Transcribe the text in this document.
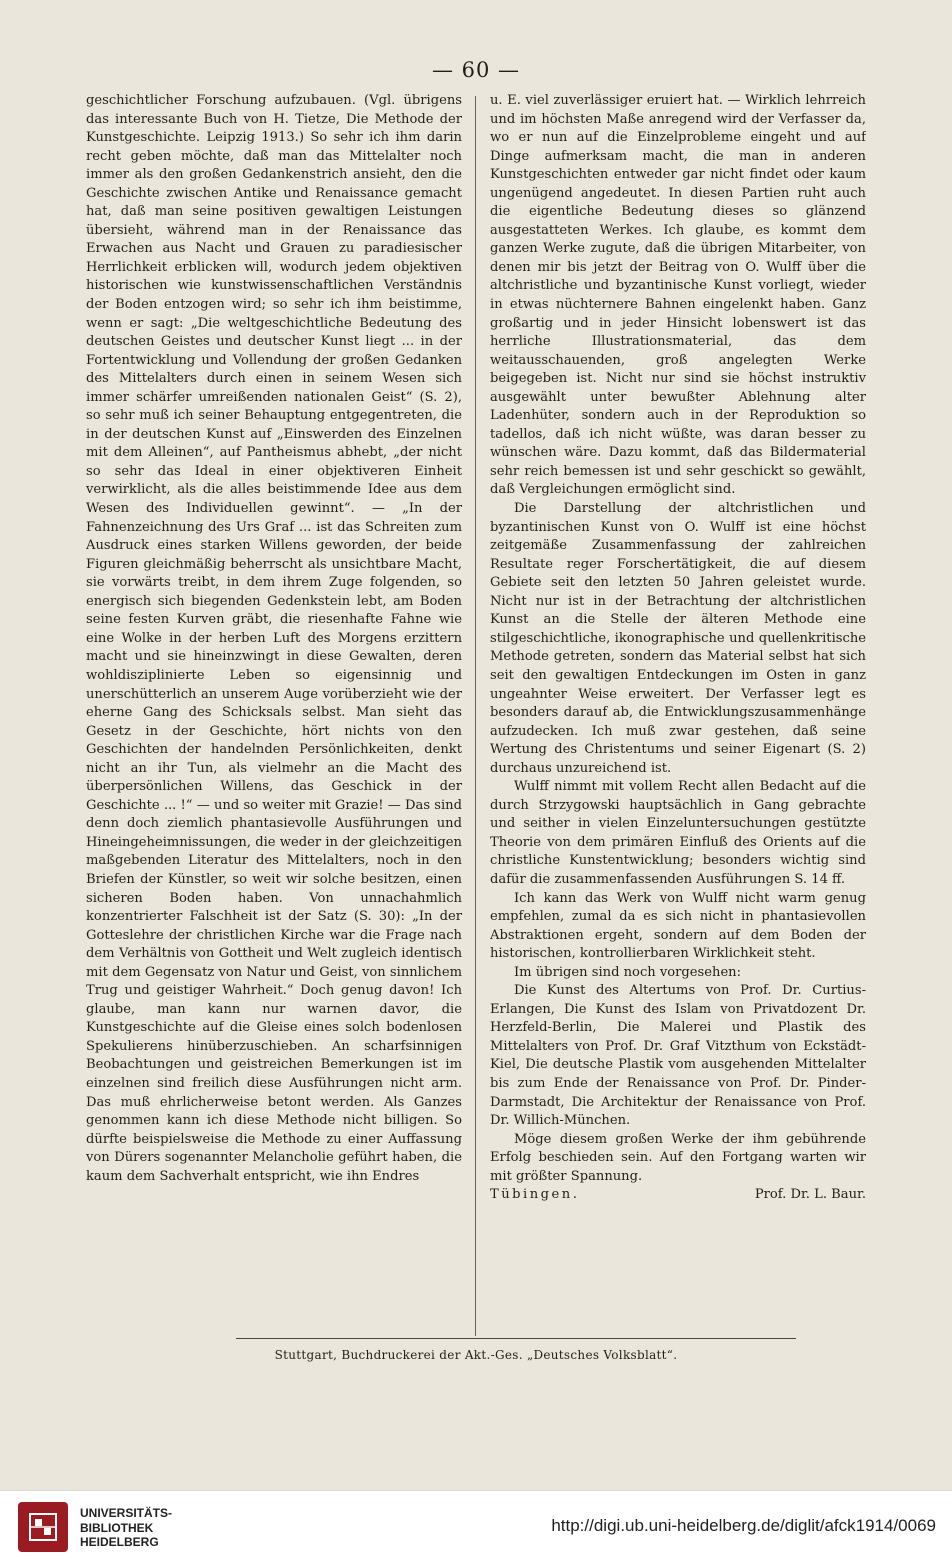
— 60 —

geschichtlicher Forschung aufzubauen. (Vgl. übrigens das interessante Buch von H. Tietze, Die Methode der Kunstgeschichte. Leipzig 1913.) So sehr ich ihm darin recht geben möchte, daß man das Mittelalter noch immer als den großen Gedankenstrich ansieht, den die Geschichte zwischen Antike und Renaissance gemacht hat, daß man seine positiven gewaltigen Leistungen übersieht, während man in der Renaissance das Erwachen aus Nacht und Grauen zu paradiesischer Herrlichkeit erblicken will, wodurch jedem objektiven historischen wie kunstwissenschaftlichen Verständnis der Boden entzogen wird; so sehr ich ihm beistimme, wenn er sagt: „Die weltgeschichtliche Bedeutung des deutschen Geistes und deutscher Kunst liegt ... in der Fortentwicklung und Vollendung der großen Gedanken des Mittelalters durch einen in seinem Wesen sich immer schärfer umreißenden nationalen Geist“ (S. 2), so sehr muß ich seiner Behauptung entgegentreten, die in der deutschen Kunst auf „Einswerden des Einzelnen mit dem Alleinen“, auf Pantheismus abhebt, „der nicht so sehr das Ideal in einer objektiveren Einheit verwirklicht, als die alles beistimmende Idee aus dem Wesen des Individuellen gewinnt“. — „In der Fahnenzeichnung des Urs Graf ... ist das Schreiten zum Ausdruck eines starken Willens geworden, der beide Figuren gleichmäßig beherrscht als unsichtbare Macht, sie vorwärts treibt, in dem ihrem Zuge folgenden, so energisch sich biegenden Gedenkstein lebt, am Boden seine festen Kurven gräbt, die riesenhafte Fahne wie eine Wolke in der herben Luft des Morgens erzittern macht und sie hineinzwingt in diese Gewalten, deren wohldisziplinierte Leben so eigensinnig und unerschütterlich an unserem Auge vorüberzieht wie der eherne Gang des Schicksals selbst. Man sieht das Gesetz in der Geschichte, hört nichts von den Geschichten der handelnden Persönlichkeiten, denkt nicht an ihr Tun, als vielmehr an die Macht des überpersönlichen Willens, das Geschick in der Geschichte ... !“ — und so weiter mit Grazie! — Das sind denn doch ziemlich phantasievolle Ausführungen und Hineingeheimnissungen, die weder in der gleichzeitigen maßgebenden Literatur des Mittelalters, noch in den Briefen der Künstler, so weit wir solche besitzen, einen sicheren Boden haben. Von unnachahmlich konzentrierter Falschheit ist der Satz (S. 30): „In der Gotteslehre der christlichen Kirche war die Frage nach dem Verhältnis von Gottheit und Welt zugleich identisch mit dem Gegensatz von Natur und Geist, von sinnlichem Trug und geistiger Wahrheit.“ Doch genug davon! Ich glaube, man kann nur warnen davor, die Kunstgeschichte auf die Gleise eines solch bodenlosen Spekulierens hinüberzuschieben. An scharfsinnigen Beobachtungen und geistreichen Bemerkungen ist im einzelnen sind freilich diese Ausführungen nicht arm. Das muß ehrlicherweise betont werden. Als Ganzes genommen kann ich diese Methode nicht billigen. So dürfte beispielsweise die Methode zu einer Auffassung von Dürers sogenannter Melancholie geführt haben, die kaum dem Sachverhalt entspricht, wie ihn Endres

u. E. viel zuverlässiger eruiert hat. — Wirklich lehrreich und im höchsten Maße anregend wird der Verfasser da, wo er nun auf die Einzelprobleme eingeht und auf Dinge aufmerksam macht, die man in anderen Kunstgeschichten entweder gar nicht findet oder kaum ungenügend angedeutet. In diesen Partien ruht auch die eigentliche Bedeutung dieses so glänzend ausgestatteten Werkes. Ich glaube, es kommt dem ganzen Werke zugute, daß die übrigen Mitarbeiter, von denen mir bis jetzt der Beitrag von O. Wulff über die altchristliche und byzantinische Kunst vorliegt, wieder in etwas nüchternere Bahnen eingelenkt haben. Ganz großartig und in jeder Hinsicht lobenswert ist das herrliche Illustrationsmaterial, das dem weitausschauenden, groß angelegten Werke beigegeben ist. Nicht nur sind sie höchst instruktiv ausgewählt unter bewußter Ablehnung alter Ladenhüter, sondern auch in der Reproduktion so tadellos, daß ich nicht wüßte, was daran besser zu wünschen wäre. Dazu kommt, daß das Bildermaterial sehr reich bemessen ist und sehr geschickt so gewählt, daß Vergleichungen ermöglicht sind.

Die Darstellung der altchristlichen und byzantinischen Kunst von O. Wulff ist eine höchst zeitgemäße Zusammenfassung der zahlreichen Resultate reger Forschertätigkeit, die auf diesem Gebiete seit den letzten 50 Jahren geleistet wurde. Nicht nur ist in der Betrachtung der altchristlichen Kunst an die Stelle der älteren Methode eine stilgeschichtliche, ikonographische und quellenkritische Methode getreten, sondern das Material selbst hat sich seit den gewaltigen Entdeckungen im Osten in ganz ungeahnter Weise erweitert. Der Verfasser legt es besonders darauf ab, die Entwicklungszusammenhänge aufzudecken. Ich muß zwar gestehen, daß seine Wertung des Christentums und seiner Eigenart (S. 2) durchaus unzureichend ist.

Wulff nimmt mit vollem Recht allen Bedacht auf die durch Strzygowski hauptsächlich in Gang gebrachte und seither in vielen Einzeluntersuchungen gestützte Theorie von dem primären Einfluß des Orients auf die christliche Kunstentwicklung; besonders wichtig sind dafür die zusammenfassenden Ausführungen S. 14 ff.

Ich kann das Werk von Wulff nicht warm genug empfehlen, zumal da es sich nicht in phantasievollen Abstraktionen ergeht, sondern auf dem Boden der historischen, kontrollierbaren Wirklichkeit steht.

Im übrigen sind noch vorgesehen:

Die Kunst des Altertums von Prof. Dr. Curtius-Erlangen, Die Kunst des Islam von Privatdozent Dr. Herzfeld-Berlin, Die Malerei und Plastik des Mittelalters von Prof. Dr. Graf Vitzthum von Eckstädt-Kiel, Die deutsche Plastik vom ausgehenden Mittelalter bis zum Ende der Renaissance von Prof. Dr. Pinder-Darmstadt, Die Architektur der Renaissance von Prof. Dr. Willich-München.

Möge diesem großen Werke der ihm gebührende Erfolg beschieden sein. Auf den Fortgang warten wir mit größter Spannung.

Tübingen.	Prof. Dr. L. Baur.

Stuttgart, Buchdruckerei der Akt.-Ges. „Deutsches Volksblatt“.
UNIVERSITÄTS-
BIBLIOTHEK
HEIDELBERG
http://digi.ub.uni-heidelberg.de/diglit/afck1914/0069
